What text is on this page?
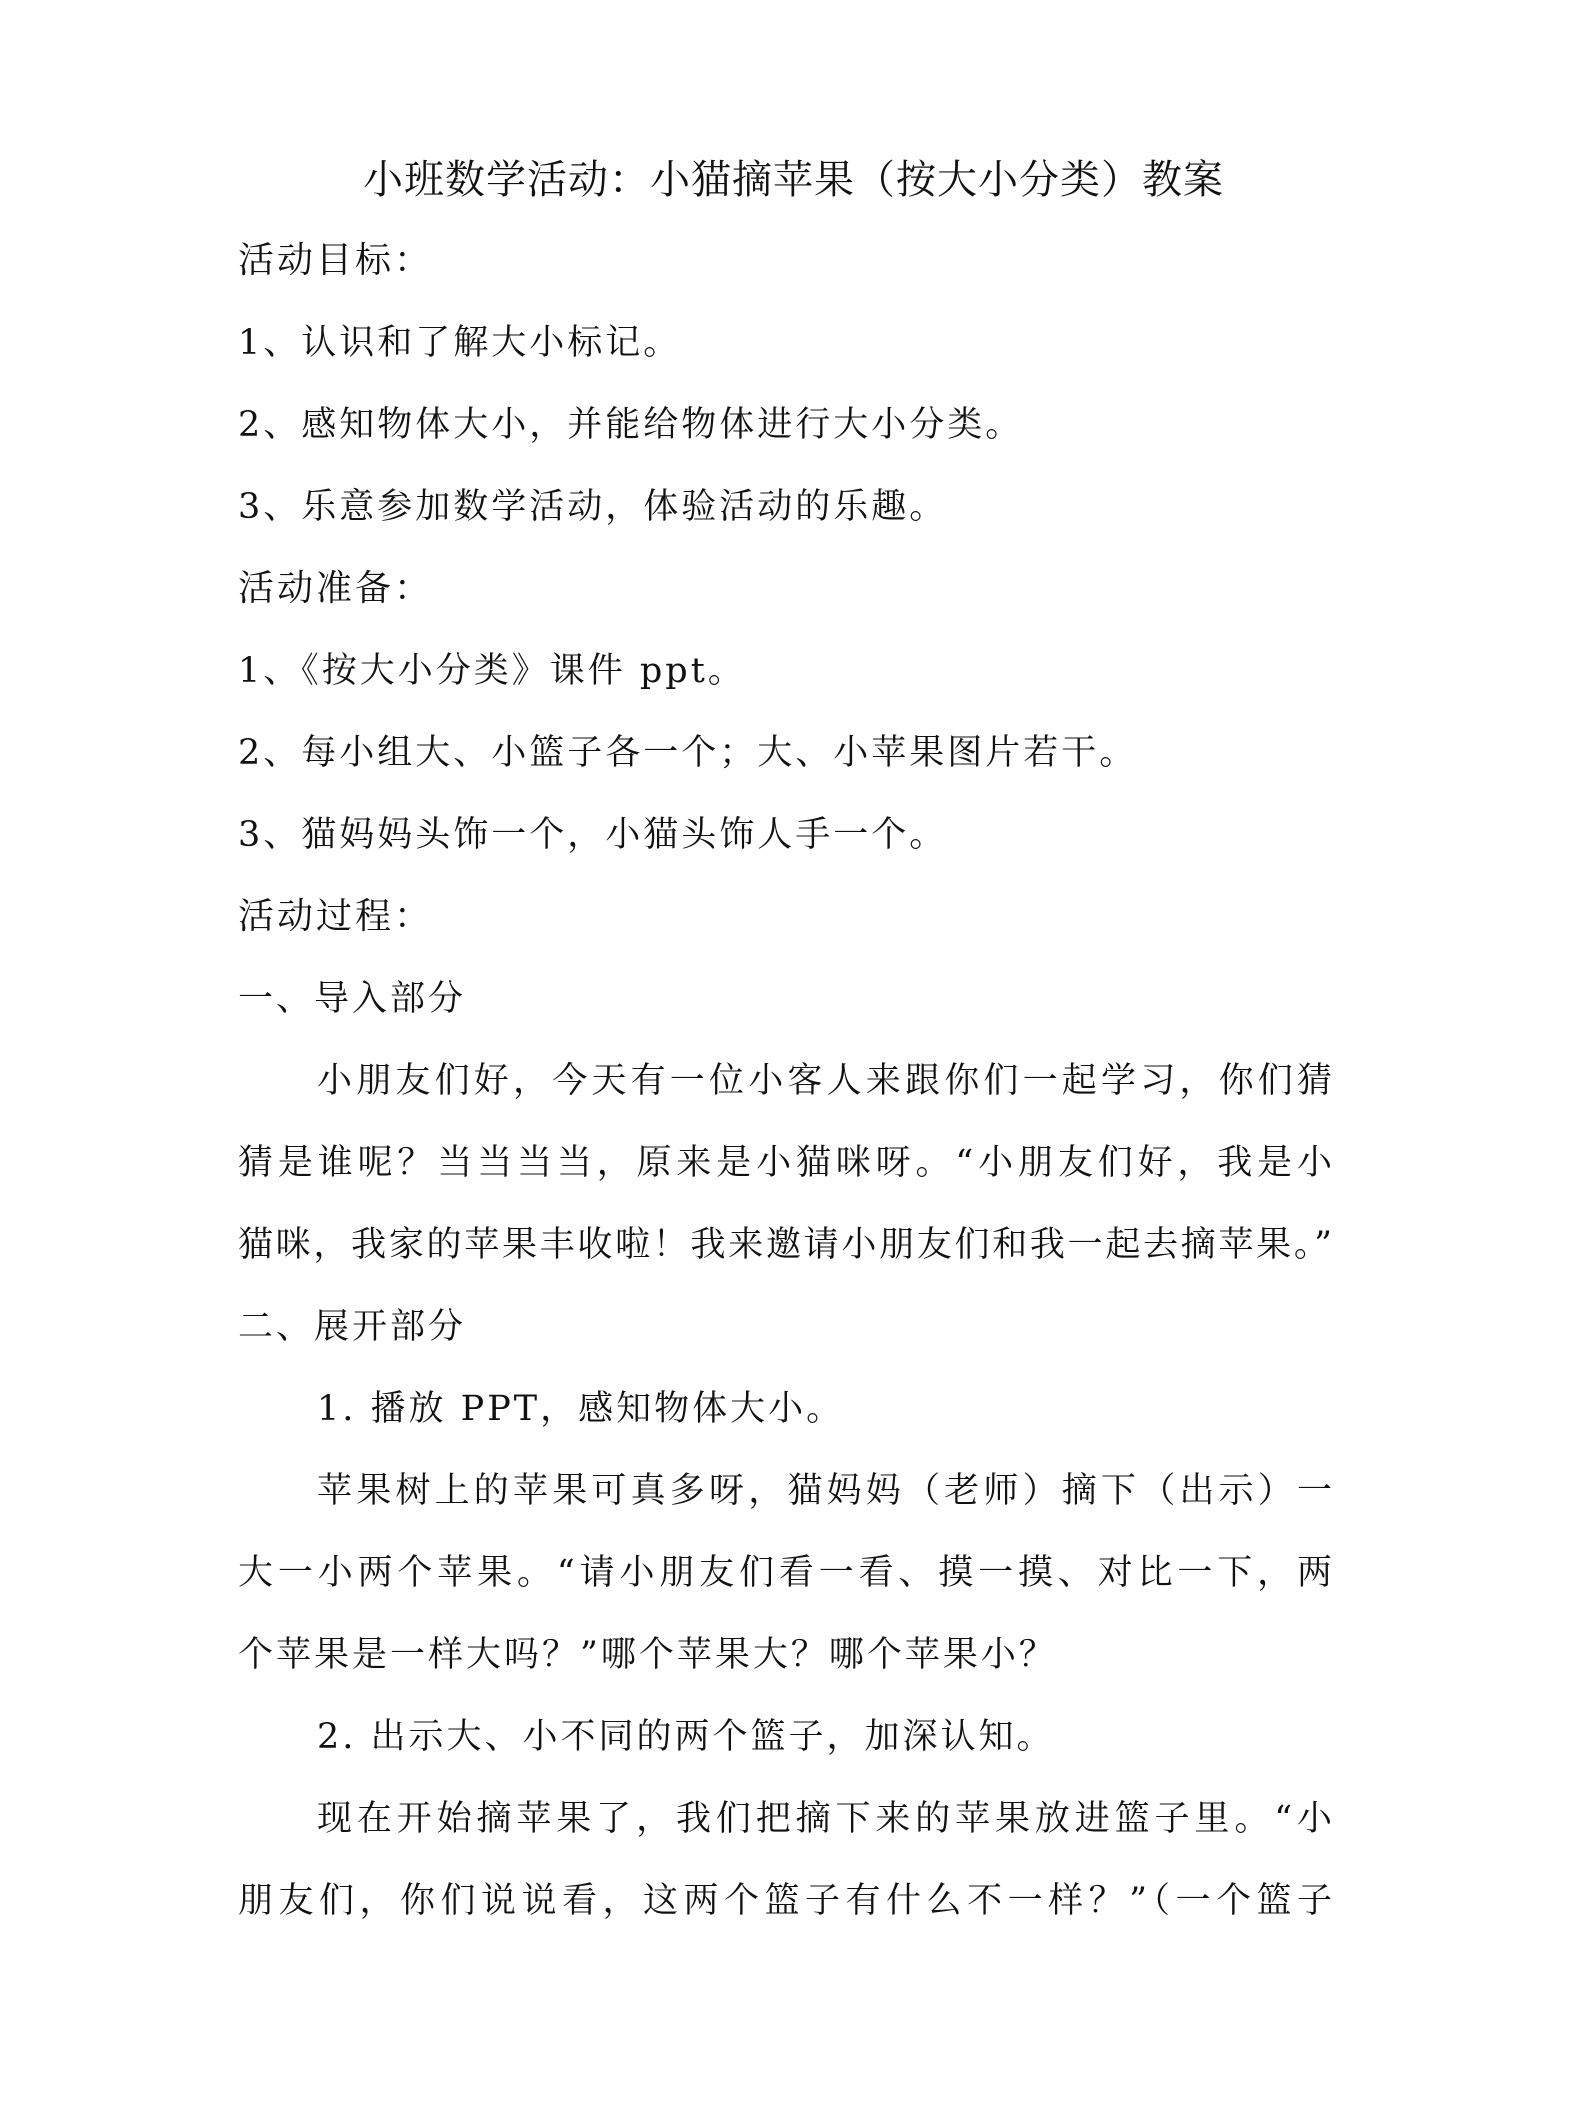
小班数学活动：小猫摘苹果（按大小分类）教案
活动目标：
1、认识和了解大小标记。
2、感知物体大小，并能给物体进行大小分类。
3、乐意参加数学活动，体验活动的乐趣。
活动准备：
1、《按大小分类》课件 ppt。
2、每小组大、小篮子各一个；大、小苹果图片若干。
3、猫妈妈头饰一个，小猫头饰人手一个。
活动过程：
一、导入部分
小朋友们好，今天有一位小客人来跟你们一起学习，你们猜
猜是谁呢？当当当当，原来是小猫咪呀。“小朋友们好，我是小
猫咪，我家的苹果丰收啦！我来邀请小朋友们和我一起去摘苹果。”
二、展开部分
1. 播放 PPT，感知物体大小。
苹果树上的苹果可真多呀，猫妈妈（老师）摘下（出示）一
大一小两个苹果。“请小朋友们看一看、摸一摸、对比一下，两
个苹果是一样大吗？”哪个苹果大？哪个苹果小？
2. 出示大、小不同的两个篮子，加深认知。
现在开始摘苹果了，我们把摘下来的苹果放进篮子里。“小
朋友们，你们说说看，这两个篮子有什么不一样？”（一个篮子
